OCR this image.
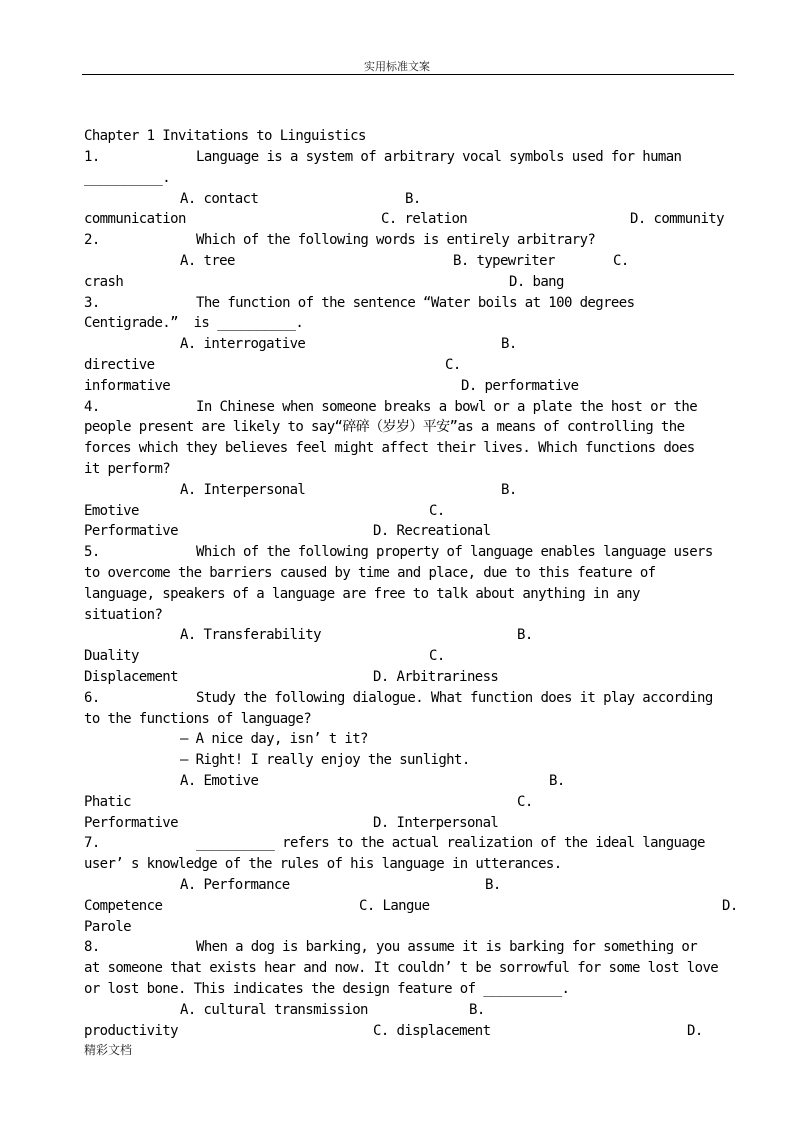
实用标准文案
Chapter 1 Invitations to Linguistics
1.	Language is a system of arbitrary vocal symbols used for human
__________.
A. contact	B.
communication	C. relation	D. community
2.	Which of the following words is entirely arbitrary?
A. tree	B. typewriter	C.
crash	D. bang
3.	The function of the sentence “Water boils at 100 degrees
Centigrade.”  is __________.
A. interrogative	B.
directive	C.
informative	D. performative
4.	In Chinese when someone breaks a bowl or a plate the host or the
people present are likely to say“碎碎（岁岁）平安”as a means of controlling the
forces which they believes feel might affect their lives. Which functions does
it perform?
A. Interpersonal	B.
Emotive	C.
Performative	D. Recreational
5.	Which of the following property of language enables language users
to overcome the barriers caused by time and place, due to this feature of
language, speakers of a language are free to talk about anything in any
situation?
A. Transferability	B.
Duality	C.
Displacement	D. Arbitrariness
6.	Study the following dialogue. What function does it play according
to the functions of language?
— A nice day, isn’ t it?
— Right! I really enjoy the sunlight.
A. Emotive	B.
Phatic	C.
Performative	D. Interpersonal
7.	__________ refers to the actual realization of the ideal language
user’ s knowledge of the rules of his language in utterances.
A. Performance	B.
Competence	C. Langue	D.
Parole
8.	When a dog is barking, you assume it is barking for something or
at someone that exists hear and now. It couldn’ t be sorrowful for some lost love
or lost bone. This indicates the design feature of __________.
A. cultural transmission	B.
productivity	C. displacement	D.
精彩文档
